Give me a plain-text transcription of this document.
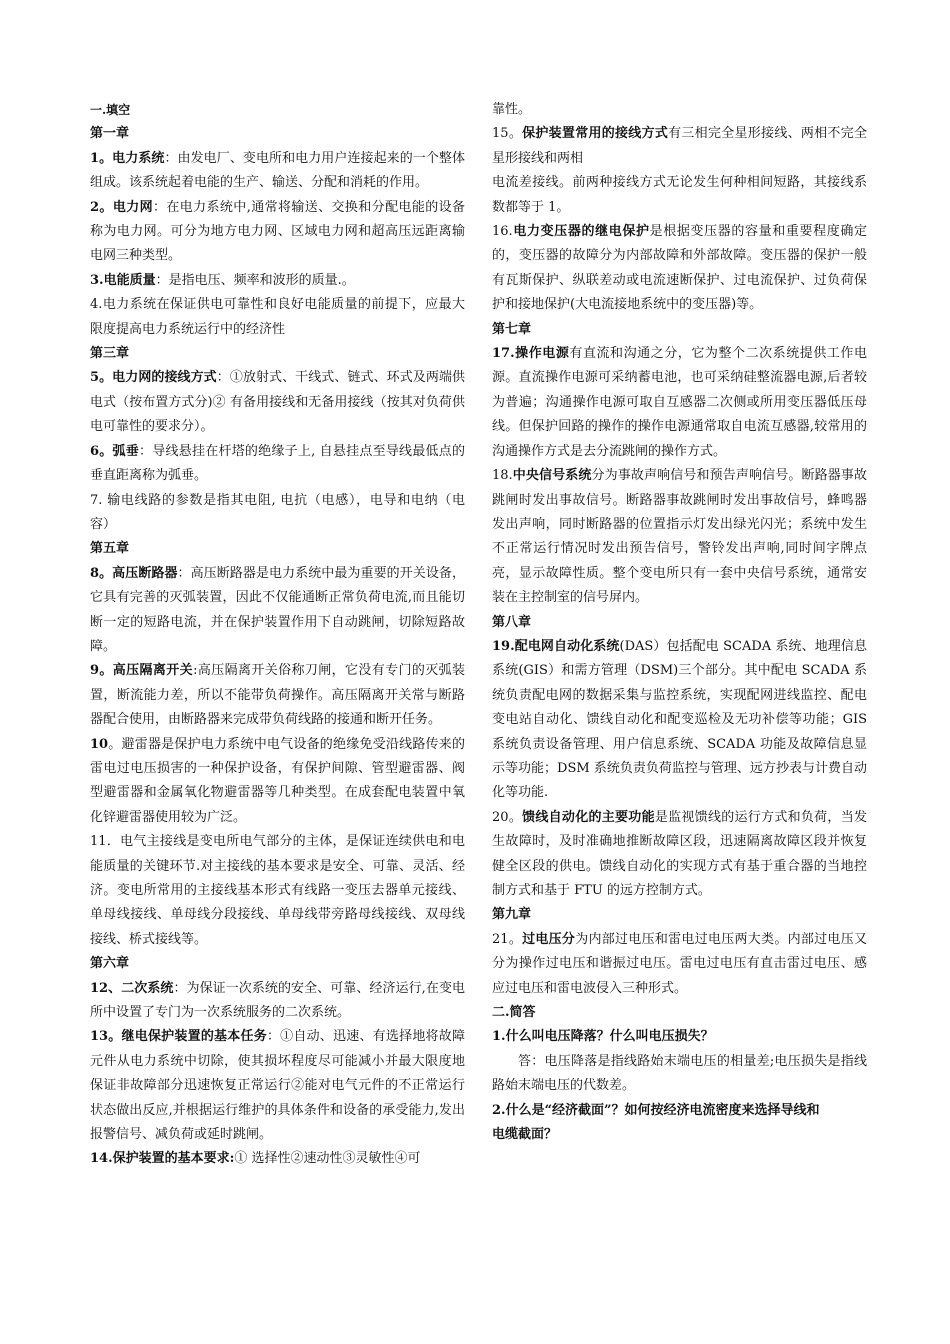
一.填空

第一章

1。电力系统：由发电厂、变电所和电力用户连接起来的一个整体组成。该系统起着电能的生产、输送、分配和消耗的作用。

2。电力网：在电力系统中,通常将输送、交换和分配电能的设备称为电力网。可分为地方电力网、区域电力网和超高压远距离输电网三种类型。

3.电能质量：是指电压、频率和波形的质量.。

4.电力系统在保证供电可靠性和良好电能质量的前提下，应最大限度提高电力系统运行中的经济性

第三章

5。电力网的接线方式：①放射式、干线式、链式、环式及两端供电式（按布置方式分)② 有备用接线和无备用接线（按其对负荷供电可靠性的要求分）。

6。弧垂：导线悬挂在杆塔的绝缘子上, 自悬挂点至导线最低点的垂直距离称为弧垂。

7. 输电线路的参数是指其电阻, 电抗（电感），电导和电纳（电容）

第五章

8。高压断路器：高压断路器是电力系统中最为重要的开关设备，它具有完善的灭弧装置，因此不仅能通断正常负荷电流,而且能切断一定的短路电流，并在保护装置作用下自动跳闸，切除短路故障。

9。高压隔离开关:高压隔离开关俗称刀闸，它没有专门的灭弧装置，断流能力差，所以不能带负荷操作。高压隔离开关常与断路器配合使用，由断路器来完成带负荷线路的接通和断开任务。

10。避雷器是保护电力系统中电气设备的绝缘免受沿线路传来的雷电过电压损害的一种保护设备，有保护间隙、管型避雷器、阀型避雷器和金属氧化物避雷器等几种类型。在成套配电装置中氧化锌避雷器使用较为广泛。

11．电气主接线是变电所电气部分的主体，是保证连续供电和电能质量的关键环节.对主接线的基本要求是安全、可靠、灵活、经济。变电所常用的主接线基本形式有线路一变压去器单元接线、单母线接线、单母线分段接线、单母线带旁路母线接线、双母线接线、桥式接线等。

第六章

12、二次系统：为保证一次系统的安全、可靠、经济运行,在变电所中设置了专门为一次系统服务的二次系统。

13。继电保护装置的基本任务：①自动、迅速、有选择地将故障元件从电力系统中切除，使其损坏程度尽可能减小并最大限度地保证非故障部分迅速恢复正常运行②能对电气元件的不正常运行状态做出反应,并根据运行维护的具体条件和设备的承受能力,发出报警信号、减负荷或延时跳闸。

14.保护装置的基本要求:① 选择性②速动性③灵敏性④可

靠性。

15。保护装置常用的接线方式有三相完全星形接线、两相不完全星形接线和两相

电流差接线。前两种接线方式无论发生何种相间短路，其接线系数都等于 1。

16.电力变压器的继电保护是根据变压器的容量和重要程度确定的，变压器的故障分为内部故障和外部故障。变压器的保护一般有瓦斯保护、纵联差动或电流速断保护、过电流保护、过负荷保护和接地保护(大电流接地系统中的变压器)等。

第七章

17.操作电源有直流和沟通之分，它为整个二次系统提供工作电源。直流操作电源可采纳蓄电池，也可采纳硅整流器电源,后者较为普遍；沟通操作电源可取自互感器二次侧或所用变压器低压母线。但保护回路的操作的操作电源通常取自电流互感器,较常用的沟通操作方式是去分流跳闸的操作方式。

18.中央信号系统分为事故声响信号和预告声响信号。断路器事故跳闸时发出事故信号。断路器事故跳闸时发出事故信号，蜂鸣器发出声响，同时断路器的位置指示灯发出绿光闪光；系统中发生不正常运行情况时发出预告信号，警铃发出声响,同时间字牌点亮，显示故障性质。整个变电所只有一套中央信号系统，通常安装在主控制室的信号屏内。

第八章

19.配电网自动化系统(DAS）包括配电 SCADA 系统、地理信息系统(GIS）和需方管理（DSM)三个部分。其中配电 SCADA 系统负责配电网的数据采集与监控系统，实现配网进线监控、配电变电站自动化、馈线自动化和配变巡检及无功补偿等功能；GIS 系统负责设备管理、用户信息系统、SCADA 功能及故障信息显示等功能；DSM 系统负责负荷监控与管理、远方抄表与计费自动化等功能.

20。馈线自动化的主要功能是监视馈线的运行方式和负荷，当发生故障时，及时准确地推断故障区段，迅速隔离故障区段并恢复健全区段的供电。馈线自动化的实现方式有基于重合器的当地控制方式和基于 FTU 的远方控制方式。

第九章

21。过电压分为内部过电压和雷电过电压两大类。内部过电压又分为操作过电压和谐振过电压。雷电过电压有直击雷过电压、感应过电压和雷电波侵入三种形式。

二.简答

1.什么叫电压降落？什么叫电压损失？

答：电压降落是指线路始末端电压的相量差;电压损失是指线路始末端电压的代数差。

2.什么是“经济截面”？如何按经济电流密度来选择导线和

电缆截面？
